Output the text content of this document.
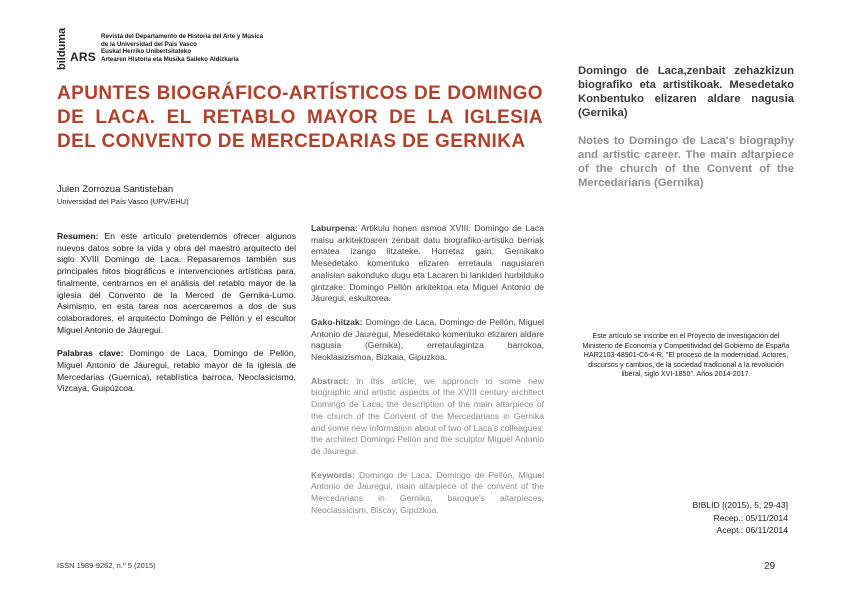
bilduma ARS
Revista del Departamento de Historia del Arte y Música
de la Universidad del País Vasco
Euskal Herriko Unibertsitateko
Artearen Historia eta Musika Saileko Aldizkaria
APUNTES BIOGRÁFICO-ARTÍSTICOS DE DOMINGO DE LACA. EL RETABLO MAYOR DE LA IGLESIA DEL CONVENTO DE MERCEDARIAS DE GERNIKA
Julen Zorrozua Santisteban
Universidad del País Vasco (UPV/EHU)

Resumen: En este artículo pretendemos ofrecer algunos nuevos datos sobre la vida y obra del maestro arquitecto del siglo XVIII Domingo de Laca. Repasaremos también sus principales hitos biográficos e intervenciones artísticas para, finalmente, centrarnos en el análisis del retablo mayor de la iglesia del Convento de la Merced de Gernika-Lumo. Asimismo, en esta tarea nos acercaremos a dos de sus colaboradores, el arquitecto Domingo de Pellón y el escultor Miguel Antonio de Jáuregui.

Palabras clave: Domingo de Laca, Domingo de Pellón, Miguel Antonio de Jáuregui, retablo mayor de la iglesia de Mercedarias (Guernica), retablística barroca, Neoclasicismo, Vizcaya, Guipúzcoa.

Laburpena: Artikulu honen asmoa XVIII. Domingo de Laca maisu arkitektoaren zenbait datu biografiko-artistiko berriak ematea izango litzateke. Horretaz gain, Gernikako Mesedetako komentuko elizaren erretaula nagusiaren analisian sakonduko dugu eta Lacaren bi lankideri hurbilduko gintzake: Domingo Pellón arkitektoa eta Miguel Antonio de Jáuregui, eskultorea.

Gako-hitzak: Domingo de Laca, Domingo de Pellón, Miguel Antonio de Jauregui, Mesedetako komentuko elizaren aldare nagusia (Gernika), erretaulagintza barrokoa, Neoklasizismoa, Bizkaia, Gipuzkoa.

Abstract: In this article, we approach to some new biographic and artistic aspects of the XVIII century architect Domingo de Laca, the description of the main altarpiece of the church of the Convent of the Mercedarians in Gernika and some new information about of two of Laca's colleagues: the architect Domingo Pellón and the sculptor Miguel Antonio de Jáuregui.

Keywords: Domingo de Laca, Domingo de Pellón, Miguel Antonio de Jauregui, main altarpiece of the convent of the Mercedarians in Gernika, baroque's altarpieces, Neoclassicism, Biscay, Gipuzkoa.

Domingo de Laca,zenbait zehazkizun biografiko eta artistikoak. Mesedetako Konbentuko elizaren aldare nagusia (Gernika)
Notes to Domingo de Laca's biography and artistic career. The main altarpiece of the church of the Convent of the Mercedarians (Gernika)
Este artículo se inscribe en el Proyecto de investigación del Ministerio de Economía y Competitividad del Gobierno de España HAR2103-48901-C6-4-R, "El proceso de la modernidad. Actores, discursos y cambios, de la sociedad tradicional a la revolución liberal, siglo XVI-1850". Años 2014-2017.
BIBLID [(2015), 5; 29-43]
Recep.: 05/11/2014
Acept.: 06/11/2014
ISSN 1989-9262, n.º 5 (2015)	29
